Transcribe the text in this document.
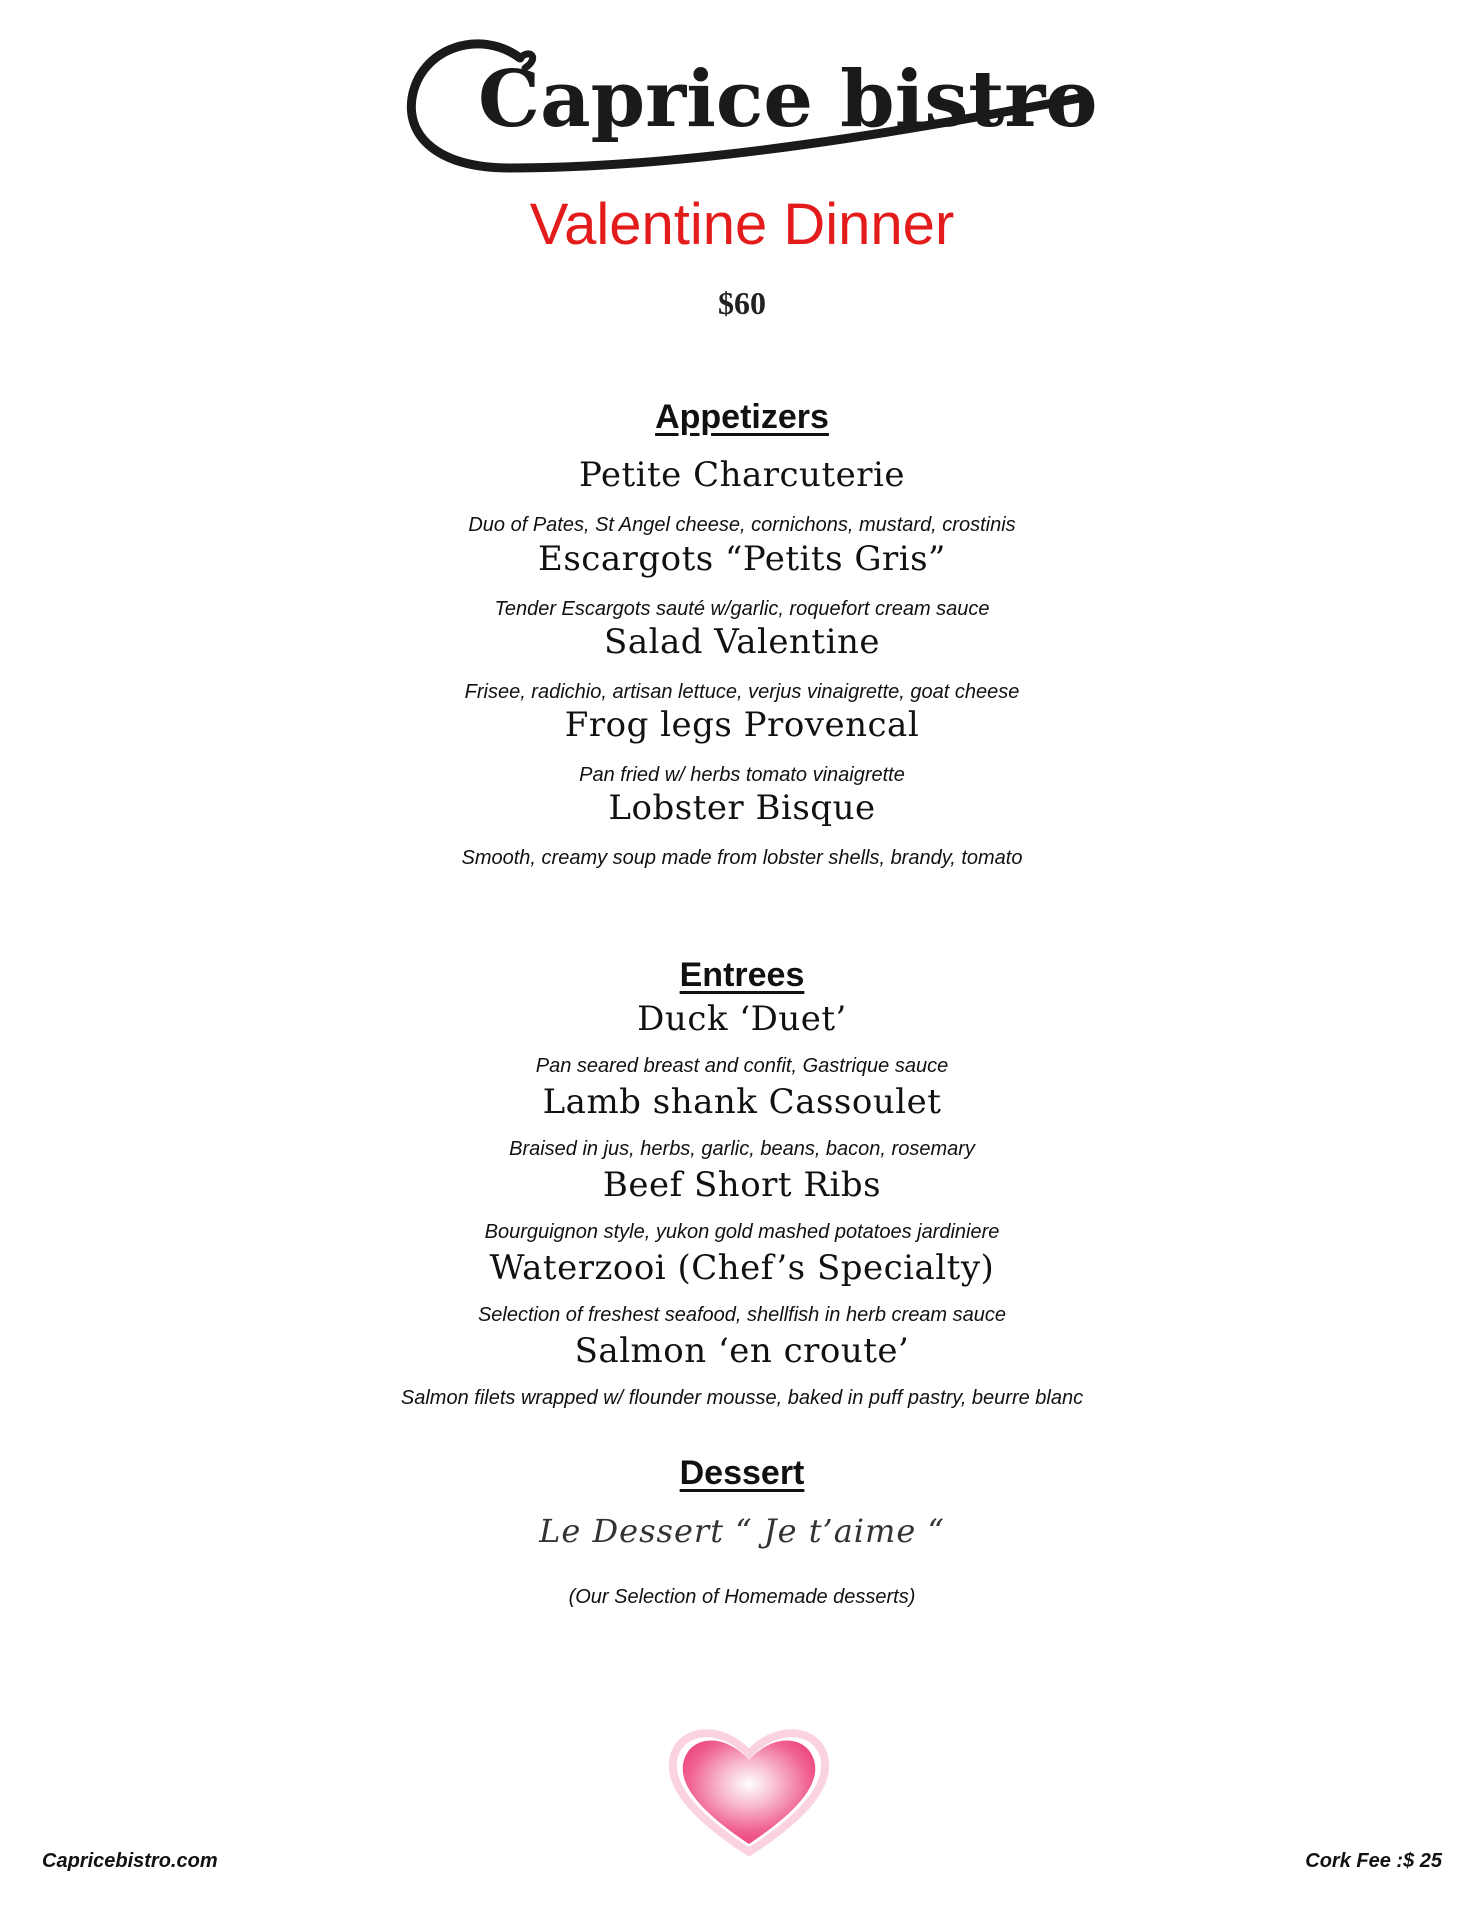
Caprice bistro
Valentine Dinner
$60
Appetizers
Petite Charcuterie
Duo of Pates, St Angel cheese, cornichons, mustard, crostinis
Escargots “Petits Gris”
Tender Escargots sauté w/garlic, roquefort cream sauce
Salad Valentine
Frisee, radichio, artisan lettuce, verjus vinaigrette, goat cheese
Frog legs Provencal
Pan fried w/ herbs tomato vinaigrette
Lobster Bisque
Smooth, creamy soup made from lobster shells, brandy, tomato
Entrees
Duck ‘Duet’
Pan seared breast and confit, Gastrique sauce
Lamb shank Cassoulet
Braised in jus, herbs, garlic, beans, bacon, rosemary
Beef Short Ribs
Bourguignon style, yukon gold mashed potatoes jardiniere
Waterzooi (Chef’s Specialty)
Selection of freshest seafood, shellfish in herb cream sauce
Salmon ‘en croute’
Salmon filets wrapped w/ flounder mousse, baked in puff pastry, beurre blanc
Dessert
Le Dessert “ Je t’aime “
(Our Selection of Homemade desserts)
Capricebistro.com	Cork Fee :$ 25
